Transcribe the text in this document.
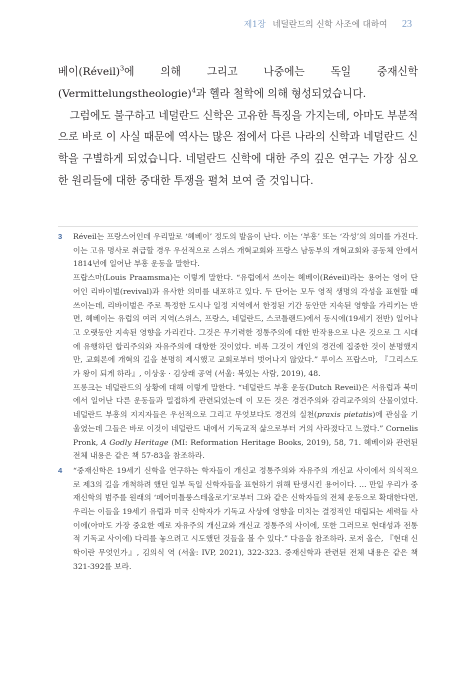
제1장 네덜란드의 신학 사조에 대하여 23

베이(Réveil)$^3$에 의해 그리고 나중에는 독일 중재신학(Vermittelungstheologie)$^4$과 헬라 철학에 의해 형성되었습니다.

그럼에도 불구하고 네덜란드 신학은 고유한 특징을 가지는데, 아마도 부분적으로 바로 이 사실 때문에 역사는 많은 점에서 다른 나라의 신학과 네덜란드 신학을 구별하게 되었습니다. 네덜란드 신학에 대한 주의 깊은 연구는 가장 심오한 원리들에 대한 중대한 투쟁을 펼쳐 보여 줄 것입니다.

3 Réveil는 프랑스어인데 우리말로 ‘혜베이’ 정도의 발음이 난다. 이는 ‘부흥’ 또는 ‘각성’의 의미를 가진다. 이는 고유 명사로 취급할 경우 우선적으로 스위스 개혁교회와 프랑스 남동부의 개혁교회와 공동체 안에서 1814년에 일어난 부흥 운동을 말한다.

프랍스마(Louis Praamsma)는 이렇게 말한다. “유럽에서 쓰이는 혜베이(Réveil)라는 용어는 영어 단어인 리바이벌(revival)과 유사한 의미를 내포하고 있다. 두 단어는 모두 영적 생명의 각성을 표현할 때 쓰이는데, 리바이벌은 주로 특정한 도시나 일정 지역에서 한정된 기간 동안만 지속된 영향을 가리키는 반면, 혜베이는 유럽의 여러 지역(스위스, 프랑스, 네덜란드, 스코틀랜드)에서 동시에(19세기 전반) 일어나고 오랫동안 지속된 영향을 가리킨다. 그것은 무기력한 정통주의에 대한 반작용으로 나온 것으로 그 시대에 유행하던 합리주의와 자유주의에 대항한 것이었다. 비록 그것이 개인의 경건에 집중한 것이 분명했지만, 교회론에 개혁의 길을 분명히 제시했고 교회로부터 벗어나지 않았다.” 루이스 프랍스마, 『그리스도가 왕이 되게 하라』, 이상웅 · 김상래 공역 (서울: 복있는 사람, 2019), 48.

프롱크는 네덜란드의 상황에 대해 이렇게 말한다. “네덜란드 부흥 운동(Dutch Reveil)은 서유럽과 북미에서 일어난 다른 운동들과 밀접하게 관련되었는데 이 모든 것은 경건주의와 감리교주의의 산물이었다. 네덜란드 부흥의 지지자들은 우선적으로 그리고 무엇보다도 경건의 실천(praxis pietatis)에 관심을 기울였는데 그들은 바로 이것이 네덜란드 내에서 기독교적 삶으로부터 거의 사라졌다고 느꼈다.” Cornelis Pronk, A Godly Heritage (MI: Reformation Heritage Books, 2019), 58, 71. 혜베이와 관련된 전체 내용은 같은 책 57-83을 참조하라.

4 “중재신학은 19세기 신학을 연구하는 학자들이 개신교 정통주의와 자유주의 개신교 사이에서 의식적으로 제3의 길을 개척하려 했던 일부 독일 신학자들을 표현하기 위해 탄생시킨 용어이다. … 만일 우리가 중재신학의 범주를 원래의 ‘페어미틀룽스테올로기’로부터 그와 같은 신학자들의 전체 운동으로 확대한다면, 우리는 이들을 19세기 유럽과 미국 신학자가 기독교 사상에 영향을 미치는 결정적인 대립되는 세력들 사이에(아마도 가장 중요한 예로 자유주의 개신교와 개신교 정통주의 사이에, 또한 그러므로 현대성과 전통적 기독교 사이에) 다리를 놓으려고 시도했던 것들을 볼 수 있다.” 다음을 참조하라. 로저 올슨, 『현대 신학이란 무엇인가』, 김의식 역 (서울: IVP, 2021), 322-323. 중재신학과 관련된 전체 내용은 같은 책 321-392를 보라.
